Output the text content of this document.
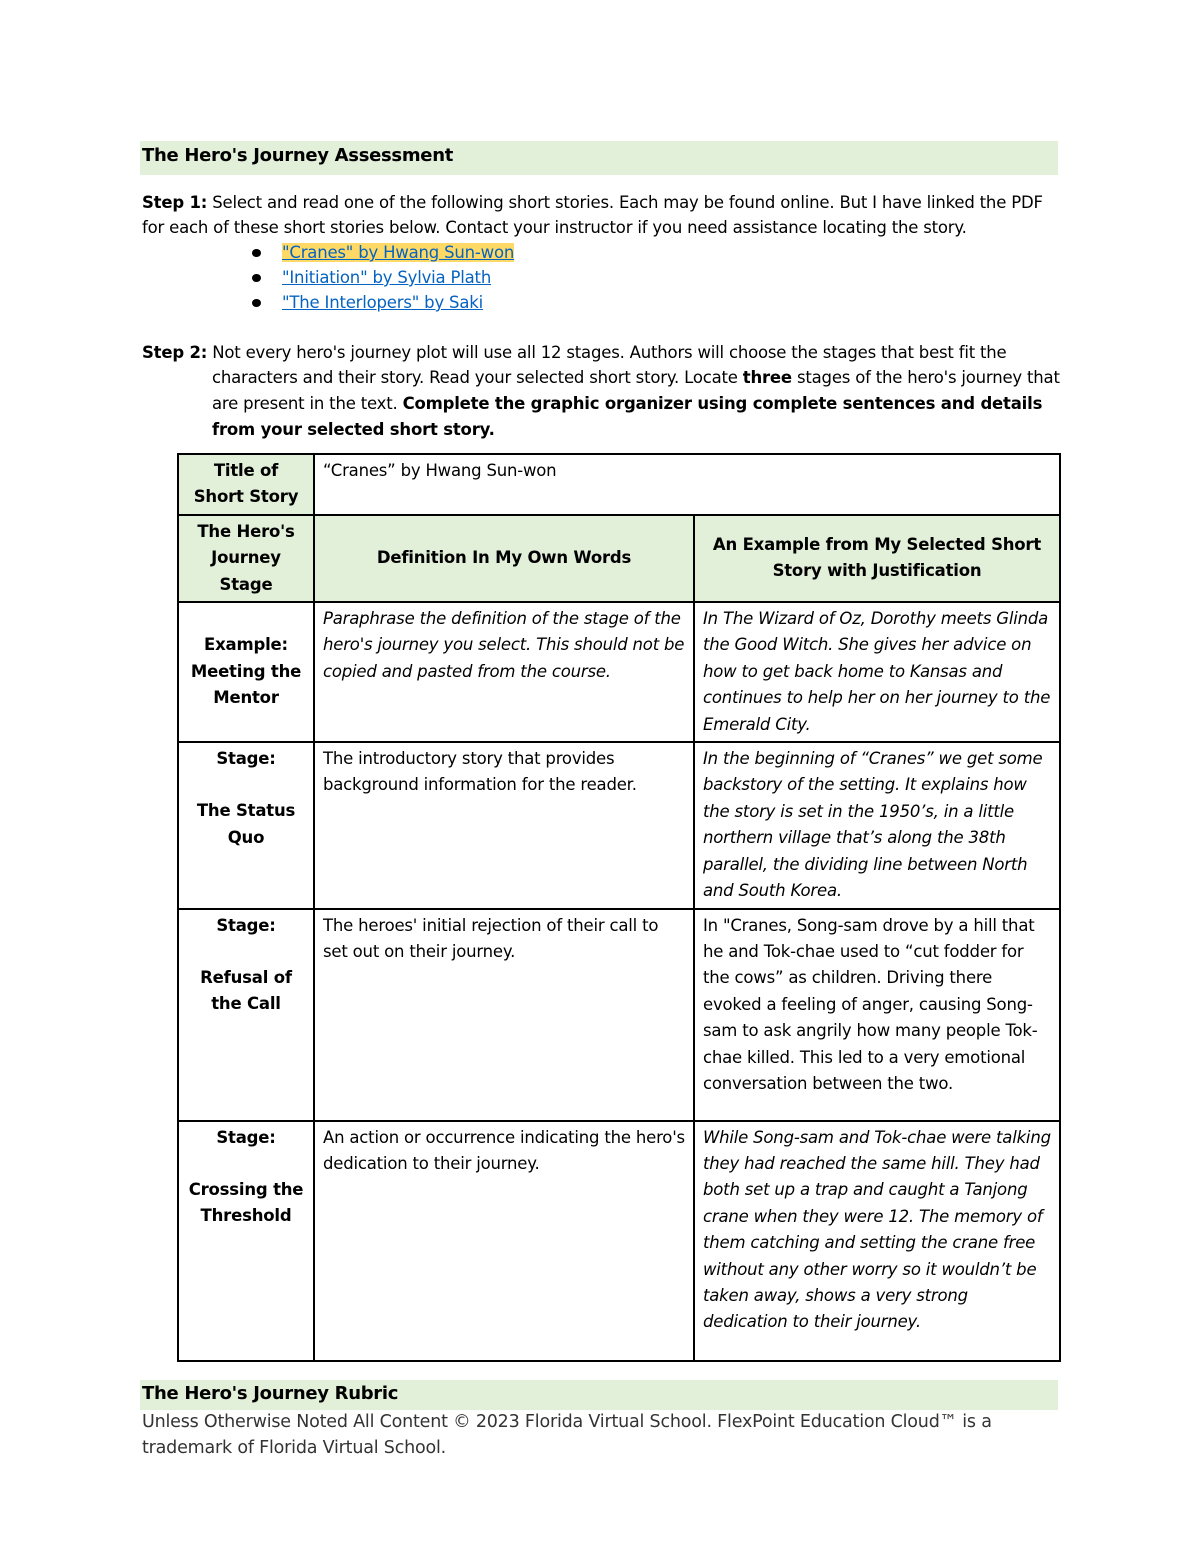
The Hero's Journey Assessment
Step 1: Select and read one of the following short stories. Each may be found online. But I have linked the PDF for each of these short stories below. Contact your instructor if you need assistance locating the story.
"Cranes" by Hwang Sun-won
"Initiation" by Sylvia Plath
"The Interlopers" by Saki
Step 2: Not every hero's journey plot will use all 12 stages. Authors will choose the stages that best fit the
characters and their story. Read your selected short story. Locate three stages of the hero's journey that are present in the text. Complete the graphic organizer using complete sentences and details from your selected short story.
Title of Short Story	“Cranes” by Hwang Sun-won	
The Hero's Journey Stage	Definition In My Own Words	An Example from My Selected Short Story with Justification

Example:
Meeting the Mentor	Paraphrase the definition of the stage of the hero's journey you select. This should not be copied and pasted from the course.	In The Wizard of Oz, Dorothy meets Glinda the Good Witch. She gives her advice on how to get back home to Kansas and continues to help her on her journey to the Emerald City.

Stage:
The Status Quo	The introductory story that provides background information for the reader.	In the beginning of “Cranes” we get some backstory of the setting. It explains how the story is set in the 1950’s, in a little northern village that’s along the 38th parallel, the dividing line between North and South Korea.

Stage:
Refusal of the Call	The heroes' initial rejection of their call to set out on their journey.	In "Cranes, Song-sam drove by a hill that he and Tok-chae used to “cut fodder for the cows” as children. Driving there evoked a feeling of anger, causing Song-sam to ask angrily how many people Tok-chae killed. This led to a very emotional conversation between the two.

Stage:
Crossing the Threshold	An action or occurrence indicating the hero's dedication to their journey.	While Song-sam and Tok-chae were talking they had reached the same hill. They had both set up a trap and caught a Tanjong crane when they were 12. The memory of them catching and setting the crane free without any other worry so it wouldn’t be taken away, shows a very strong dedication to their journey.
The Hero's Journey Rubric
Unless Otherwise Noted All Content © 2023 Florida Virtual School. FlexPoint Education Cloud™ is a trademark of Florida Virtual School.
